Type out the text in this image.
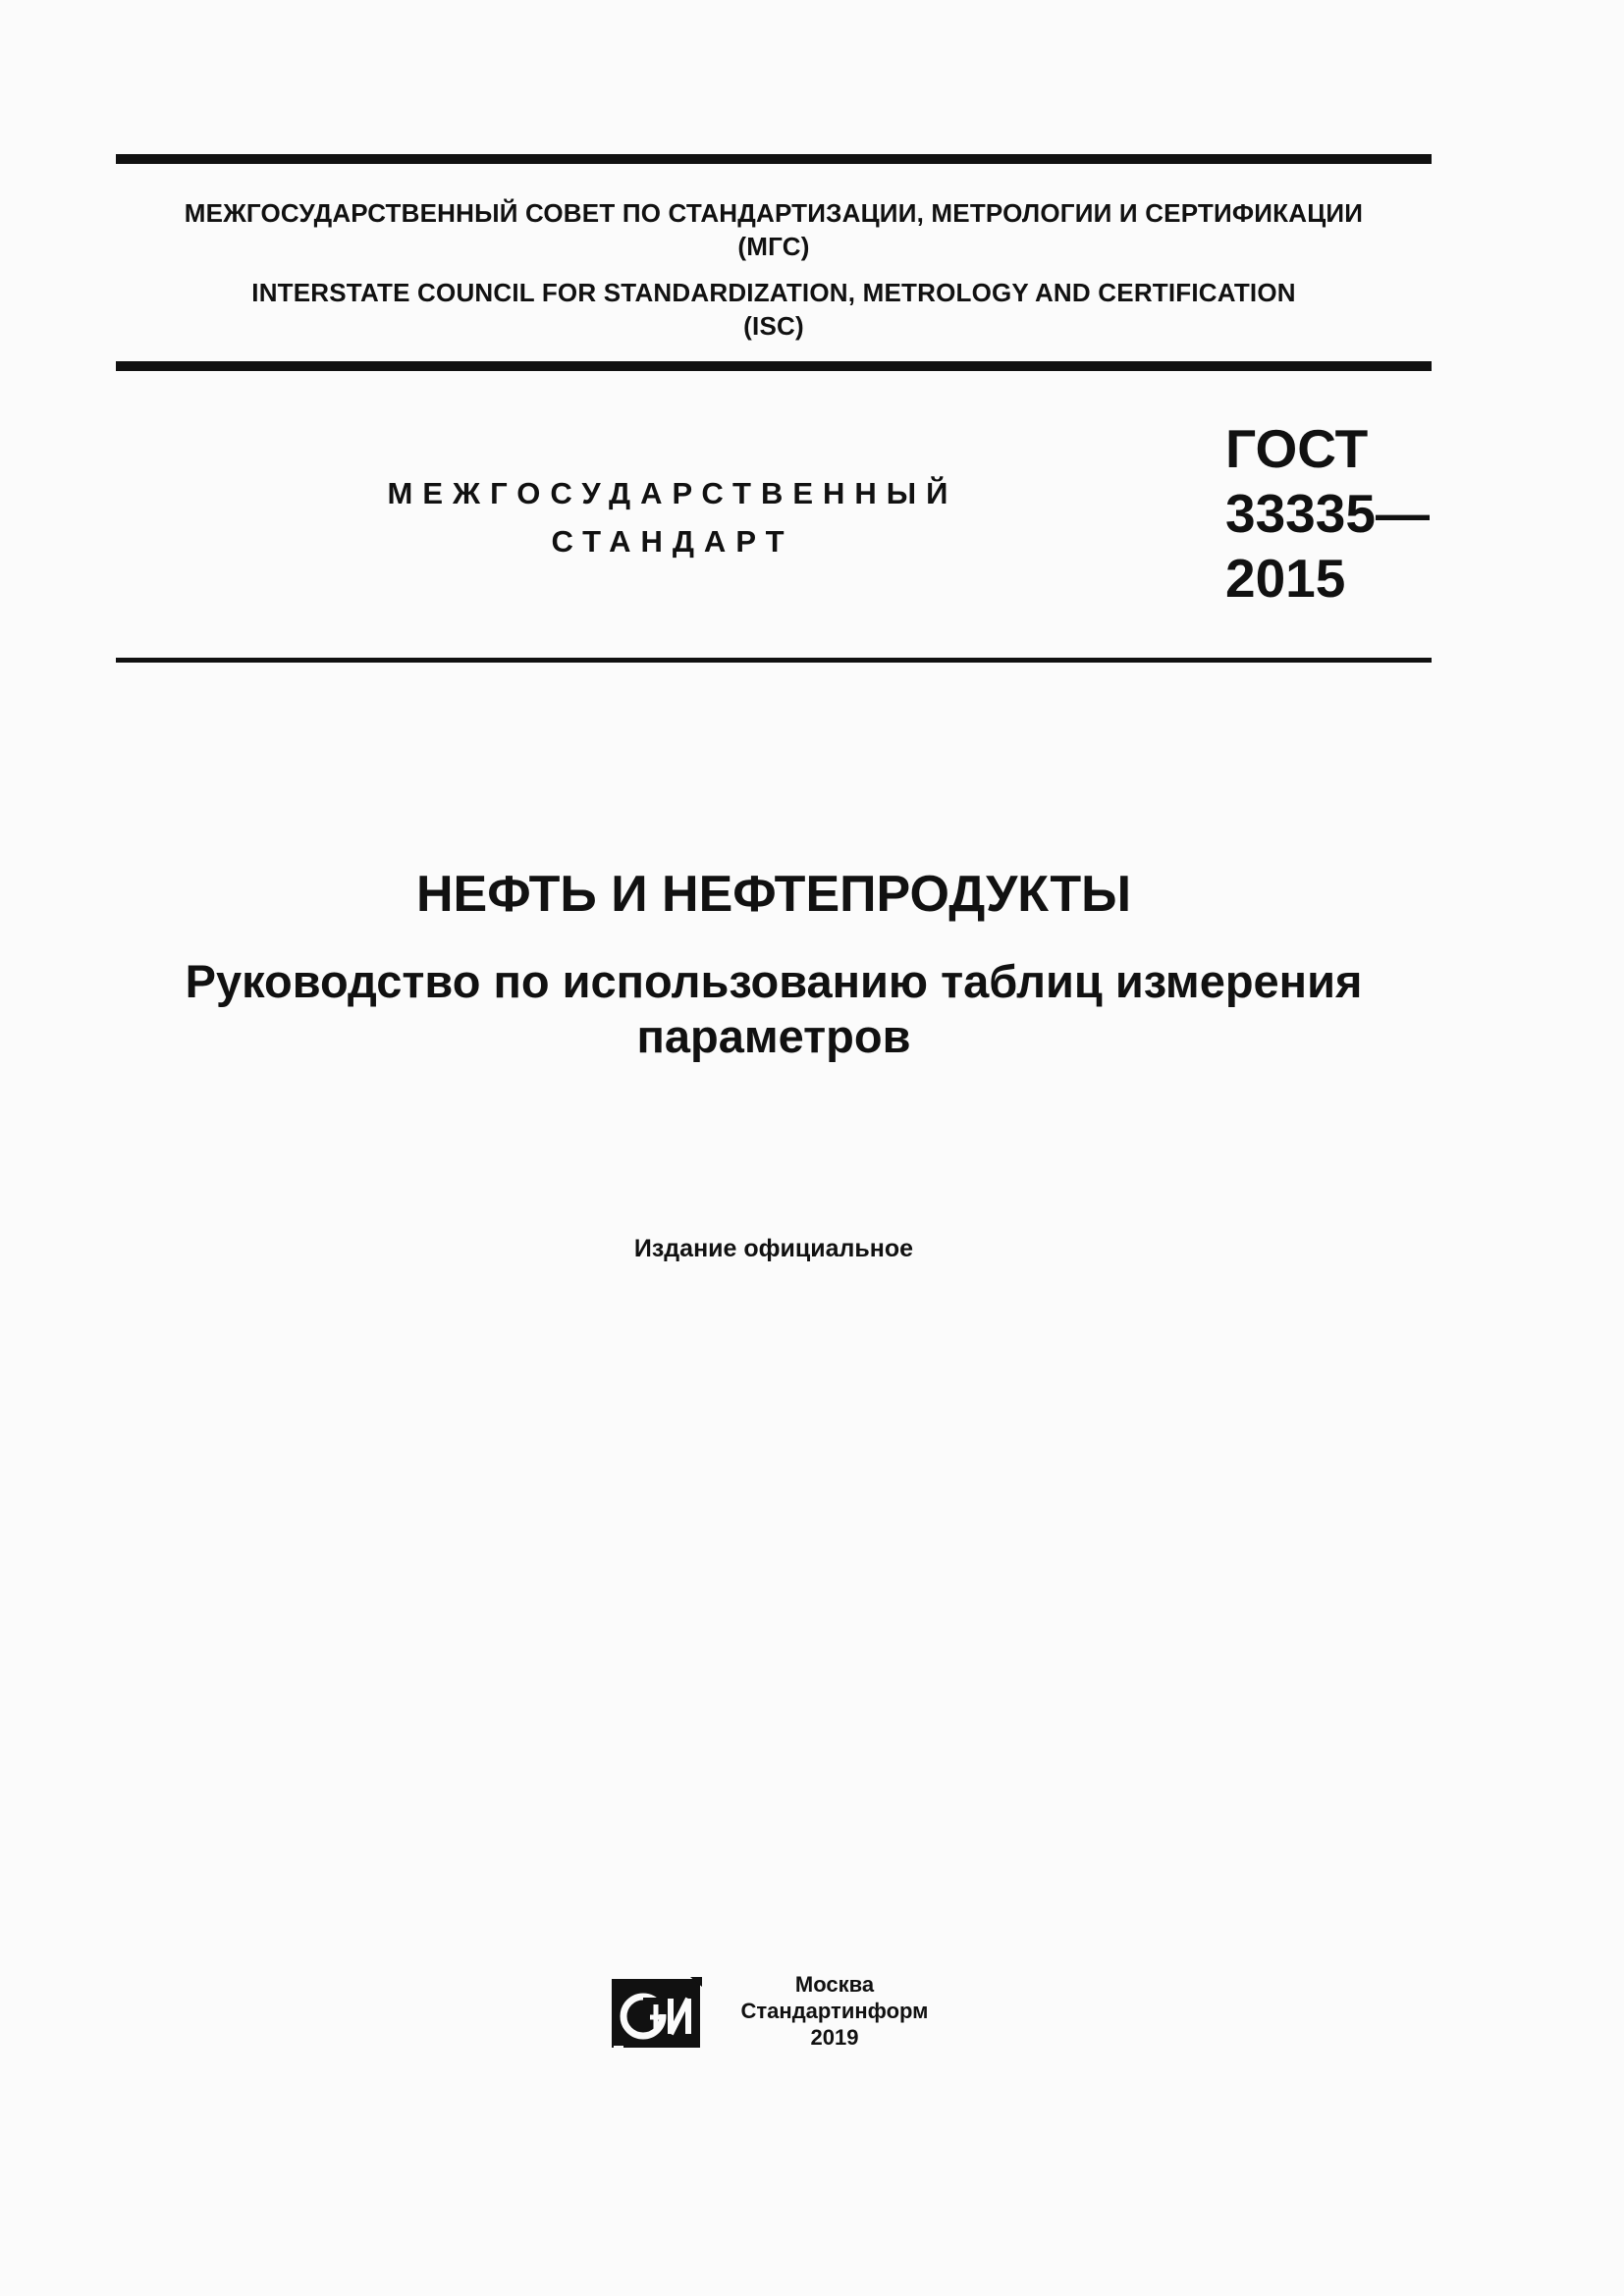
МЕЖГОСУДАРСТВЕННЫЙ СОВЕТ ПО СТАНДАРТИЗАЦИИ, МЕТРОЛОГИИ И СЕРТИФИКАЦИИ
(МГС)
INTERSTATE COUNCIL FOR STANDARDIZATION, METROLOGY AND CERTIFICATION
(ISC)
МЕЖГОСУДАРСТВЕННЫЙ
СТАНДАРТ
ГОСТ
33335—
2015
НЕФТЬ И НЕФТЕПРОДУКТЫ
Руководство по использованию таблиц измерения
параметров
Издание официальное
Москва
Стандартинформ
2019
